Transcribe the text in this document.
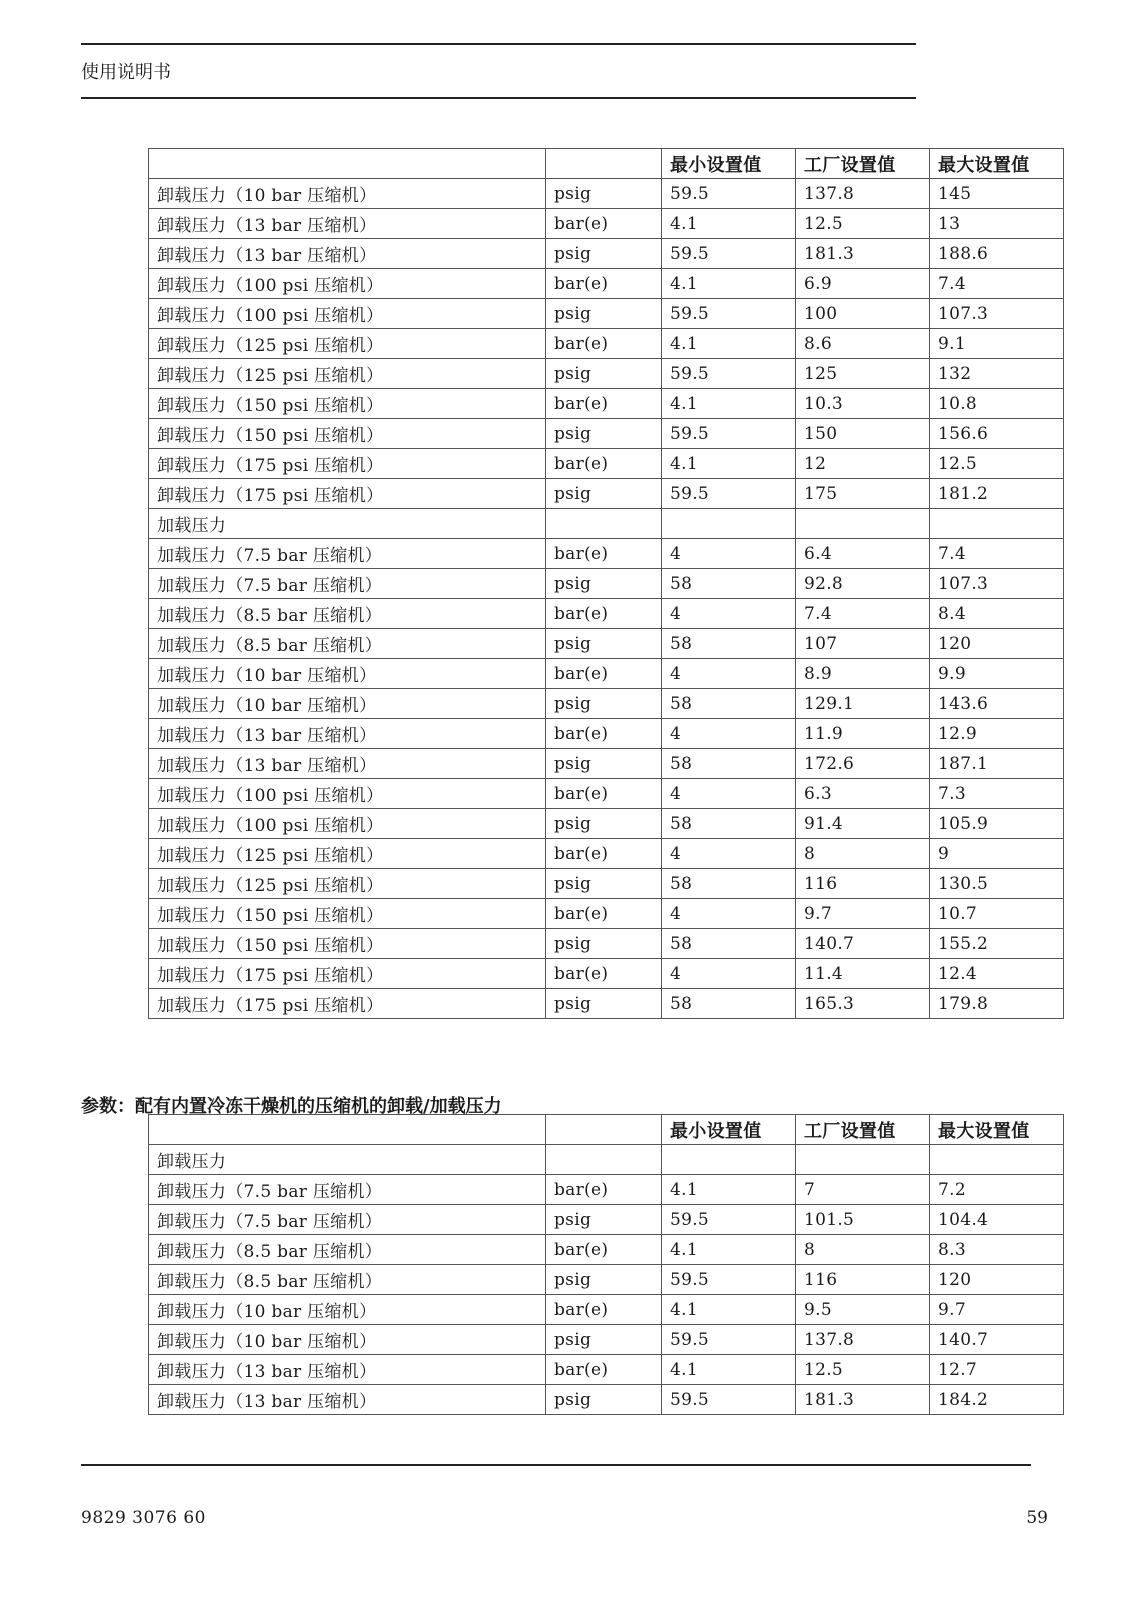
使用说明书
		最小设置值	工厂设置值	最大设置值
卸载压力（10 bar 压缩机）	psig	59.5	137.8	145
卸载压力（13 bar 压缩机）	bar(e)	4.1	12.5	13
卸载压力（13 bar 压缩机）	psig	59.5	181.3	188.6
卸载压力（100 psi 压缩机）	bar(e)	4.1	6.9	7.4
卸载压力（100 psi 压缩机）	psig	59.5	100	107.3
卸载压力（125 psi 压缩机）	bar(e)	4.1	8.6	9.1
卸载压力（125 psi 压缩机）	psig	59.5	125	132
卸载压力（150 psi 压缩机）	bar(e)	4.1	10.3	10.8
卸载压力（150 psi 压缩机）	psig	59.5	150	156.6
卸载压力（175 psi 压缩机）	bar(e)	4.1	12	12.5
卸载压力（175 psi 压缩机）	psig	59.5	175	181.2
加载压力				
加载压力（7.5 bar 压缩机）	bar(e)	4	6.4	7.4
加载压力（7.5 bar 压缩机）	psig	58	92.8	107.3
加载压力（8.5 bar 压缩机）	bar(e)	4	7.4	8.4
加载压力（8.5 bar 压缩机）	psig	58	107	120
加载压力（10 bar 压缩机）	bar(e)	4	8.9	9.9
加载压力（10 bar 压缩机）	psig	58	129.1	143.6
加载压力（13 bar 压缩机）	bar(e)	4	11.9	12.9
加载压力（13 bar 压缩机）	psig	58	172.6	187.1
加载压力（100 psi 压缩机）	bar(e)	4	6.3	7.3
加载压力（100 psi 压缩机）	psig	58	91.4	105.9
加载压力（125 psi 压缩机）	bar(e)	4	8	9
加载压力（125 psi 压缩机）	psig	58	116	130.5
加载压力（150 psi 压缩机）	bar(e)	4	9.7	10.7
加载压力（150 psi 压缩机）	psig	58	140.7	155.2
加载压力（175 psi 压缩机）	bar(e)	4	11.4	12.4
加载压力（175 psi 压缩机）	psig	58	165.3	179.8
参数：配有内置冷冻干燥机的压缩机的卸载/加载压力
		最小设置值	工厂设置值	最大设置值
卸载压力				
卸载压力（7.5 bar 压缩机）	bar(e)	4.1	7	7.2
卸载压力（7.5 bar 压缩机）	psig	59.5	101.5	104.4
卸载压力（8.5 bar 压缩机）	bar(e)	4.1	8	8.3
卸载压力（8.5 bar 压缩机）	psig	59.5	116	120
卸载压力（10 bar 压缩机）	bar(e)	4.1	9.5	9.7
卸载压力（10 bar 压缩机）	psig	59.5	137.8	140.7
卸载压力（13 bar 压缩机）	bar(e)	4.1	12.5	12.7
卸载压力（13 bar 压缩机）	psig	59.5	181.3	184.2
9829 3076 60	59
